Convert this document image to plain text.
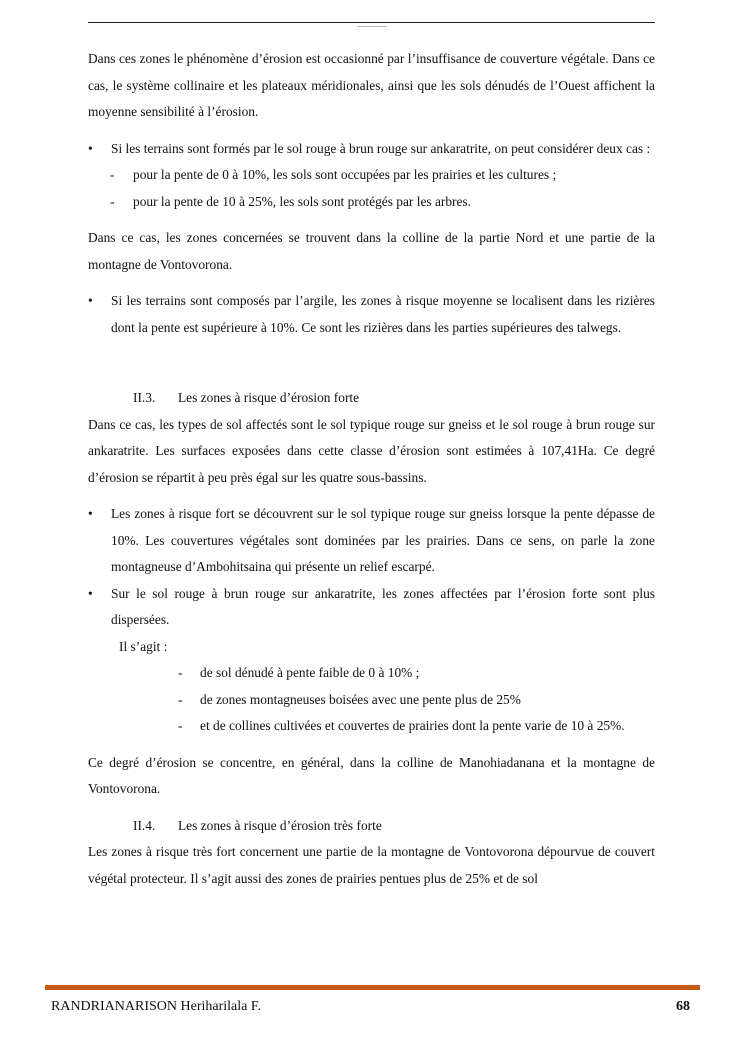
Dans ces zones le phénomène d’érosion est occasionné par l’insuffisance de couverture végétale. Dans ce cas, le système collinaire et les plateaux méridionales, ainsi que les sols dénudés de l’Ouest affichent la moyenne sensibilité à l’érosion.

• Si les terrains sont formés par le sol rouge à brun rouge sur ankaratrite, on peut considérer deux cas :

- pour la pente de 0 à 10%, les sols sont occupées par les prairies et les cultures ;

- pour la pente de 10 à 25%, les sols sont protégés par les arbres.

Dans ce cas, les zones concernées se trouvent dans la colline de la partie Nord et une partie de la montagne de Vontovorona.

• Si les terrains sont composés par l’argile, les zones à risque moyenne se localisent dans les rizières dont la pente est supérieure à 10%. Ce sont les rizières dans les parties supérieures des talwegs.

II.3. Les zones à risque d’érosion forte

Dans ce cas, les types de sol affectés sont le sol typique rouge sur gneiss et le sol rouge à brun rouge sur ankaratrite. Les surfaces exposées dans cette classe d’érosion sont estimées à 107,41Ha. Ce degré d’érosion se répartit à peu près égal sur les quatre sous-bassins.

• Les zones à risque fort se découvrent sur le sol typique rouge sur gneiss lorsque la pente dépasse de 10%. Les couvertures végétales sont dominées par les prairies. Dans ce sens, on parle la zone montagneuse d’Ambohitsaina qui présente un relief escarpé.

• Sur le sol rouge à brun rouge sur ankaratrite, les zones affectées par l’érosion forte sont plus dispersées.

Il s’agit :

- de sol dénudé à pente faible de 0 à 10% ;

- de zones montagneuses boisées avec une pente plus de 25%

- et de collines cultivées et couvertes de prairies dont la pente varie de 10 à 25%.

Ce degré d’érosion se concentre, en général, dans la colline de Manohiadanana et la montagne de Vontovorona.

II.4. Les zones à risque d’érosion très forte

Les zones à risque très fort concernent une partie de la montagne de Vontovorona dépourvue de couvert végétal protecteur. Il s’agit aussi des zones de prairies pentues plus de 25% et de sol

RANDRIANARISON Heriharilala F.	68
